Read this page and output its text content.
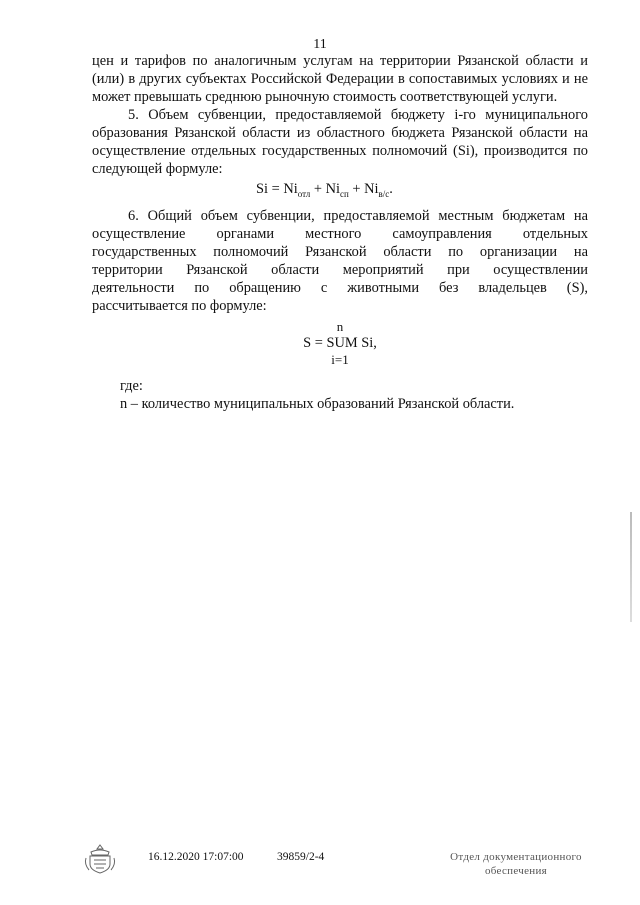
11

цен и тарифов по аналогичным услугам на территории Рязанской области и (или) в других субъектах Российской Федерации в сопоставимых условиях и не может превышать среднюю рыночную стоимость соответствующей услуги.

5. Объем субвенции, предоставляемой бюджету i-го муниципального образования Рязанской области из областного бюджета Рязанской области на осуществление отдельных государственных полномочий (Si), производится по следующей формуле:

$Si = Ni_{отл} + Ni_{сп} + Ni_{в/с}$.

6. Общий объем субвенции, предоставляемой местным бюджетам на

осуществление органами местного самоуправления отдельных

государственных полномочий Рязанской области по организации на

территории Рязанской области мероприятий при осуществлении

деятельности по обращению с животными без владельцев (S),

рассчитывается по формуле:

n
S = SUM Si,
i=1

где:

n – количество муниципальных образований Рязанской области.

16.12.2020 17:07:00	39859/2-4	Отдел документационного
обеспечения
